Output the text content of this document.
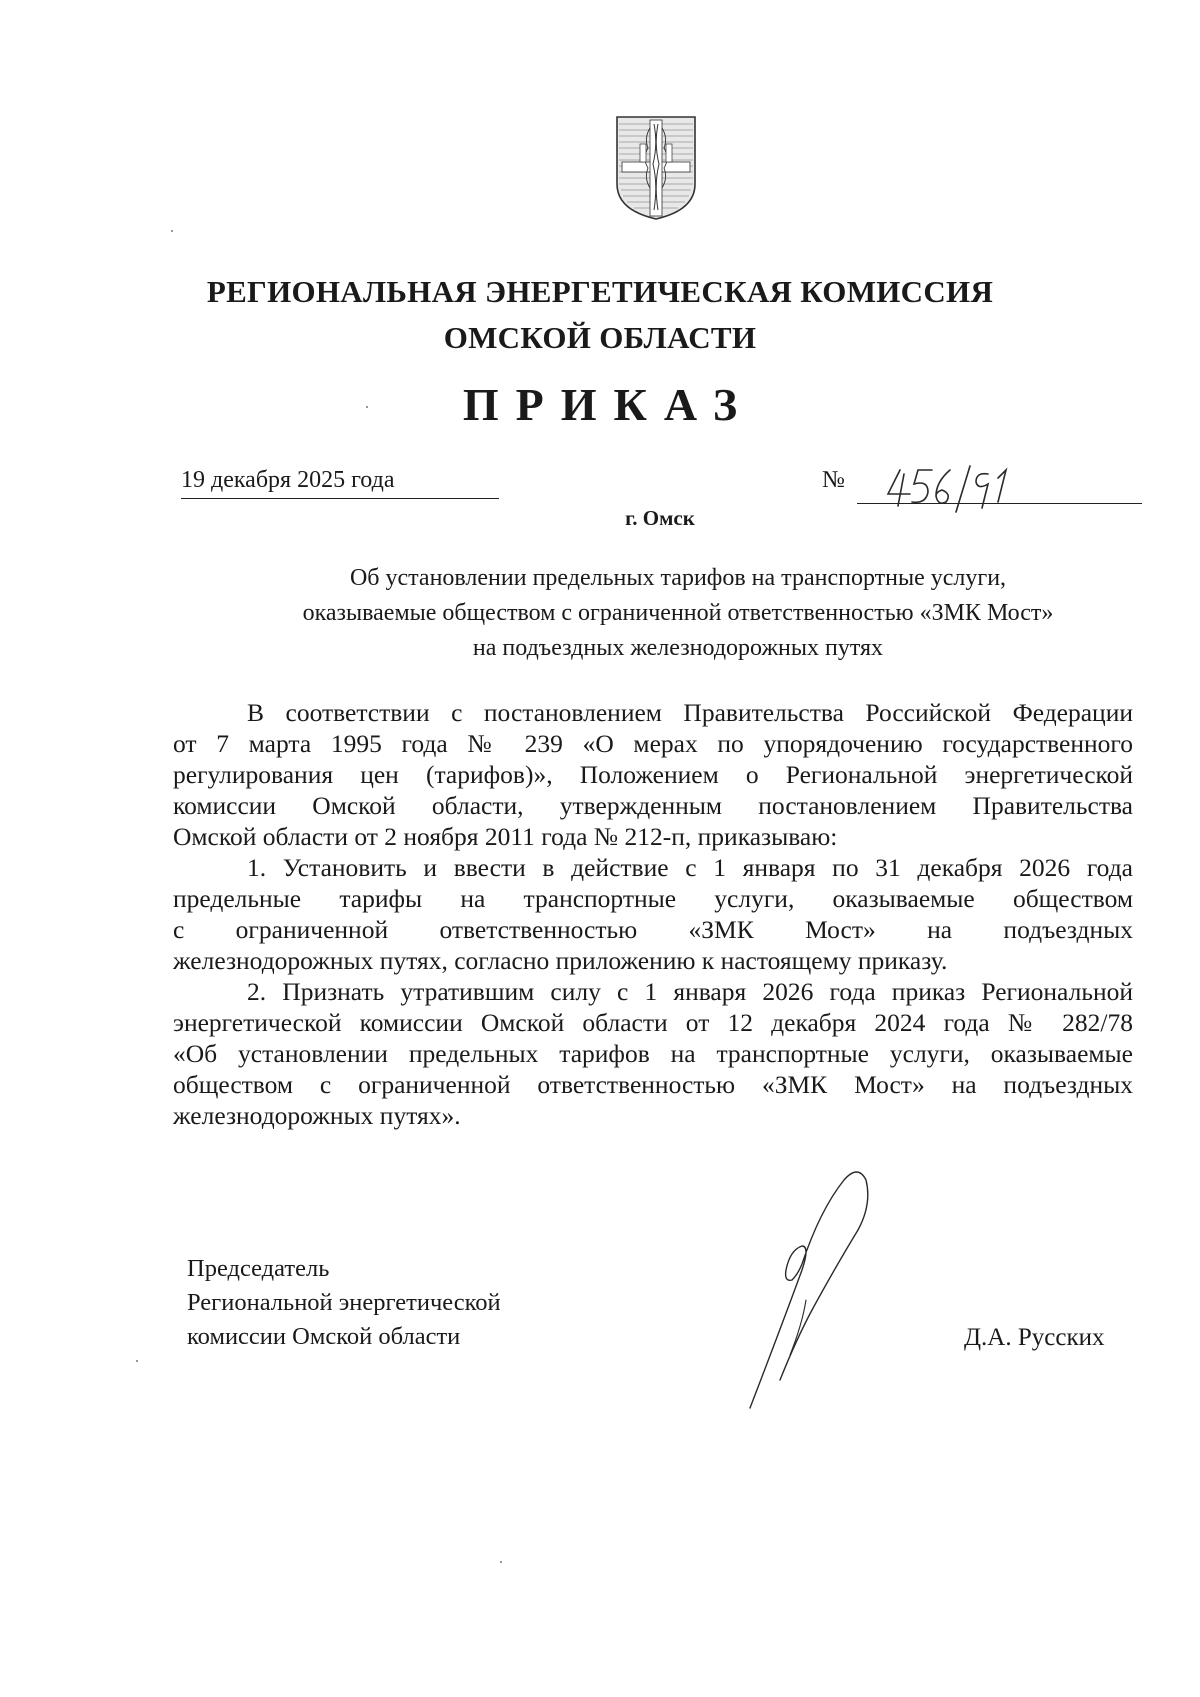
РЕГИОНАЛЬНАЯ ЭНЕРГЕТИЧЕСКАЯ КОМИССИЯ
ОМСКОЙ ОБЛАСТИ
ПРИКАЗ
19 декабря 2025 года	№
г. Омск
Об установлении предельных тарифов на транспортные услуги,
оказываемые обществом с ограниченной ответственностью «ЗМК Мост»
на подъездных железнодорожных путях

В соответствии с постановлением Правительства Российской Федерации

от 7 марта 1995 года № 239 «О мерах по упорядочению государственного
регулирования цен (тарифов)», Положением о Региональной энергетической
комиссии Омской области, утвержденным постановлением Правительства
Омской области от 2 ноября 2011 года № 212-п, приказываю:

1. Установить и ввести в действие с 1 января по 31 декабря 2026 года

предельные тарифы на транспортные услуги, оказываемые обществом
с ограниченной ответственностью «ЗМК Мост» на подъездных
железнодорожных путях, согласно приложению к настоящему приказу.

2. Признать утратившим силу с 1 января 2026 года приказ Региональной

энергетической комиссии Омской области от 12 декабря 2024 года № 282/78
«Об установлении предельных тарифов на транспортные услуги, оказываемые
обществом с ограниченной ответственностью «ЗМК Мост» на подъездных
железнодорожных путях».

Председатель
Региональной энергетической
комиссии Омской области	Д.А. Русских
